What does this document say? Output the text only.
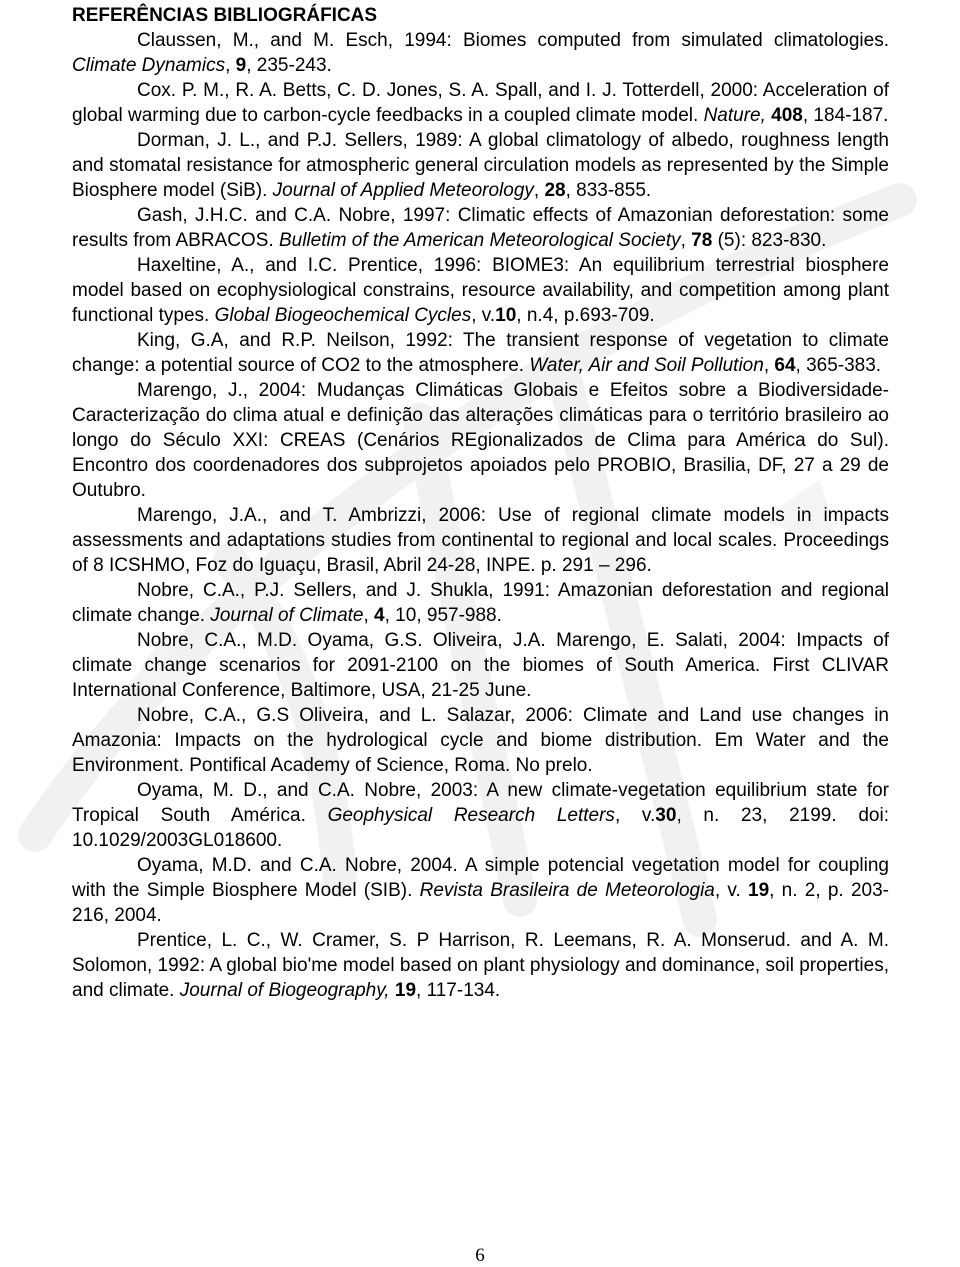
REFERÊNCIAS BIBLIOGRÁFICAS

Claussen, M., and M. Esch, 1994: Biomes computed from simulated climatologies. Climate Dynamics, 9, 235-243.

Cox. P. M., R. A. Betts, C. D. Jones, S. A. Spall, and I. J. Totterdell, 2000: Acceleration of global warming due to carbon-cycle feedbacks in a coupled climate model. Nature, 408, 184-187.

Dorman, J. L., and P.J. Sellers, 1989: A global climatology of albedo, roughness length and stomatal resistance for atmospheric general circulation models as represented by the Simple Biosphere model (SiB). Journal of Applied Meteorology, 28, 833-855.

Gash, J.H.C. and C.A. Nobre, 1997: Climatic effects of Amazonian deforestation: some results from ABRACOS. Bulletim of the American Meteorological Society, 78 (5): 823-830.

Haxeltine, A., and I.C. Prentice, 1996: BIOME3: An equilibrium terrestrial biosphere model based on ecophysiological constrains, resource availability, and competition among plant functional types. Global Biogeochemical Cycles, v.10, n.4, p.693-709.

King, G.A, and R.P. Neilson, 1992: The transient response of vegetation to climate change: a potential source of CO2 to the atmosphere. Water, Air and Soil Pollution, 64, 365-383.

Marengo, J., 2004: Mudanças Climáticas Globais e Efeitos sobre a Biodiversidade-Caracterização do clima atual e definição das alterações climáticas para o território brasileiro ao longo do Século XXI: CREAS (Cenários REgionalizados de Clima para América do Sul). Encontro dos coordenadores dos subprojetos apoiados pelo PROBIO, Brasilia, DF, 27 a 29 de Outubro.

Marengo, J.A., and T. Ambrizzi, 2006: Use of regional climate models in impacts assessments and adaptations studies from continental to regional and local scales. Proceedings of 8 ICSHMO, Foz do Iguaçu, Brasil, Abril 24-28, INPE. p. 291 – 296.

Nobre, C.A., P.J. Sellers, and J. Shukla, 1991: Amazonian deforestation and regional climate change. Journal of Climate, 4, 10, 957-988.

Nobre, C.A., M.D. Oyama, G.S. Oliveira, J.A. Marengo, E. Salati, 2004: Impacts of climate change scenarios for 2091-2100 on the biomes of South America. First CLIVAR International Conference, Baltimore, USA, 21-25 June.

Nobre, C.A., G.S Oliveira, and L. Salazar, 2006: Climate and Land use changes in Amazonia: Impacts on the hydrological cycle and biome distribution. Em Water and the Environment. Pontifical Academy of Science, Roma. No prelo.

Oyama, M. D., and C.A. Nobre, 2003: A new climate-vegetation equilibrium state for Tropical South América. Geophysical Research Letters, v.30, n. 23, 2199. doi: 10.1029/2003GL018600.

Oyama, M.D. and C.A. Nobre, 2004. A simple potencial vegetation model for coupling with the Simple Biosphere Model (SIB). Revista Brasileira de Meteorologia, v. 19, n. 2, p. 203-216, 2004.

Prentice, L. C., W. Cramer, S. P Harrison, R. Leemans, R. A. Monserud. and A. M. Solomon, 1992: A global bio'me model based on plant physiology and dominance, soil properties, and climate. Journal of Biogeography, 19, 117-134.

6
